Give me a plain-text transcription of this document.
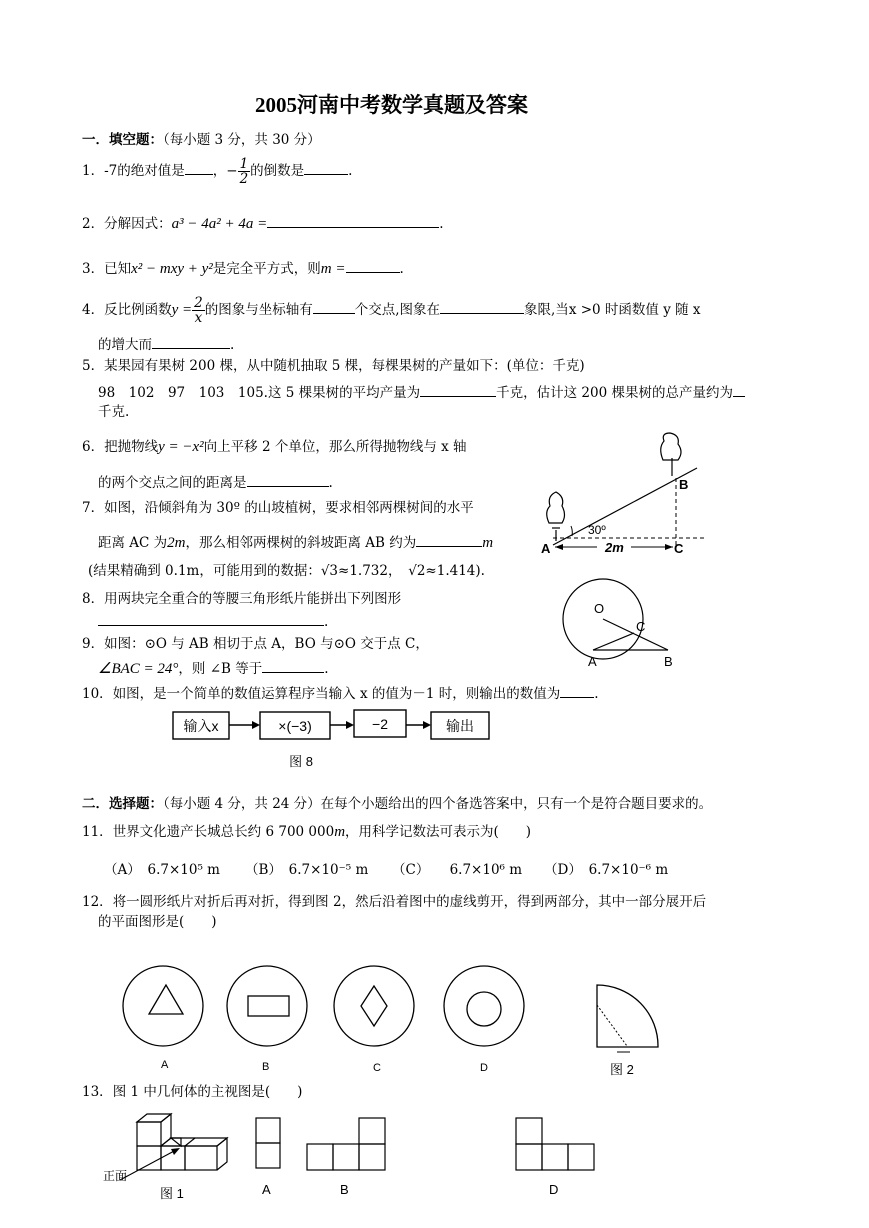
2005河南中考数学真题及答案
一．填空题：（每小题 3 分，共 30 分）
1．-7的绝对值是 ，− $\frac{1}{2}$ 的倒数是	.
2．分解因式：a³ − 4a² + 4a =	.
3．已知x² − mxy + y²是完全平方式，则m =	.
4．反比例函数$y = \frac{2}{x}$ 的图象与坐标轴有	个交点,图象在	象限,当x >0 时函数值 y 随 x
的增大而	.
5．某果园有果树 200 棵，从中随机抽取 5 棵，每棵果树的产量如下：(单位：千克)
98　102　97　103　105.这 5 棵果树的平均产量为	千克，估计这 200 棵果树的总产量约为
千克.
6．把抛物线y = −x²向上平移 2 个单位，那么所得抛物线与 x 轴
的两个交点之间的距离是	.
7．如图，沿倾斜角为 30º 的山坡植树，要求相邻两棵树间的水平
距离 AC 为2m，那么相邻两棵树的斜坡距离 AB 约为	m
(结果精确到 0.1m，可能用到的数据：√3≈1.732，　√2≈1.414).
8．用两块完全重合的等腰三角形纸片能拼出下列图形
.
9．如图：⊙O 与 AB 相切于点 A，BO 与⊙O 交于点 C，
∠BAC = 24°，则 ∠B 等于	.
10．如图，是一个简单的数值运算程序当输入 x 的值为－1 时，则输出的数值为	.
输入x	×(−3)	−2	输出
图 8
A
B
C
30º
2m
O
C
A	B
二．选择题：（每小题 4 分，共 24 分）在每个小题给出的四个备选答案中，只有一个是符合题目要求的。
11．世界文化遗产长城总长约 6 700 000m，用科学记数法可表示为(　　)
（A）　6.7×10⁵ m （B）　6.7×10⁻⁵ m （C）　　6.7×10⁶ m （D）　6.7×10⁻⁶ m
12．将一圆形纸片对折后再对折，得到图 2，然后沿着图中的虚线剪开，得到两部分，其中一部分展开后
的平面图形是(　　)
A	B	C	D	图 2
13．图 1 中几何体的主视图是(　　)
正面
图 1	A	B	D
